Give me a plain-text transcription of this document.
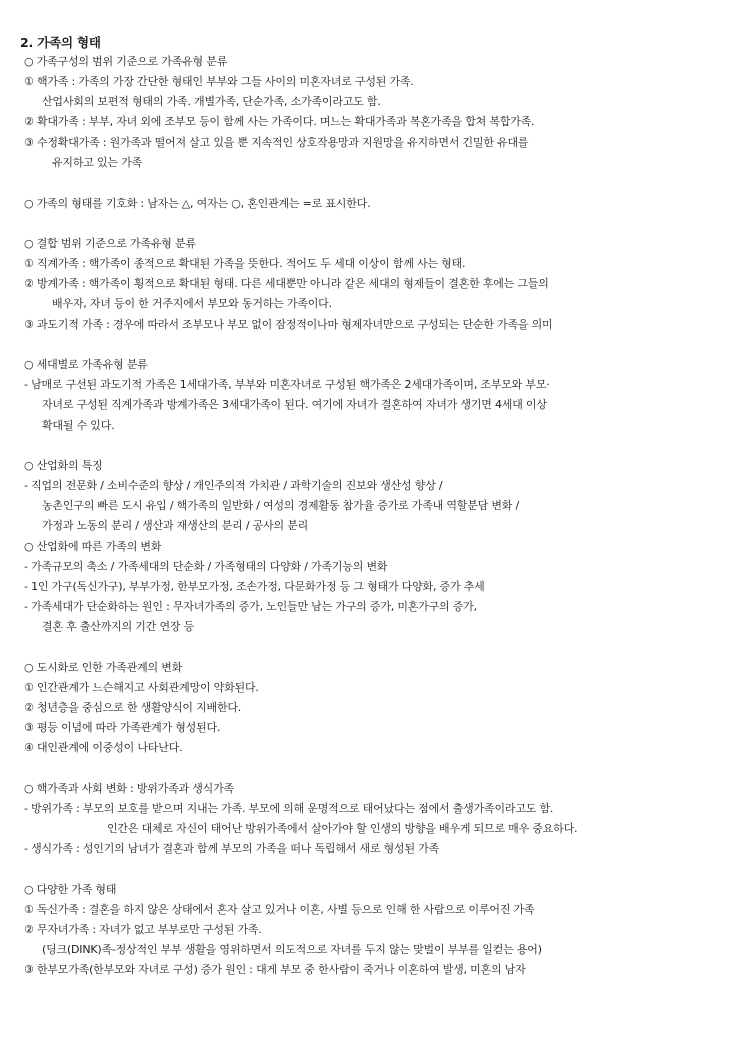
2. 가족의 형태
○ 가족구성의 범위 기준으로 가족유형 분류
① 핵가족 : 가족의 가장 간단한 형태인 부부와 그들 사이의 미혼자녀로 구성된 가족.
산업사회의 보편적 형태의 가족. 개별가족, 단순가족, 소가족이라고도 함.
② 확대가족 : 부부, 자녀 외에 조부모 등이 함께 사는 가족이다. 며느는 확대가족과 복혼가족을 합쳐 복합가족.
③ 수정확대가족 : 원가족과 떨어져 살고 있을 뿐 지속적인 상호작용망과 지원망을 유지하면서 긴밀한 유대를
유지하고 있는 가족
○ 가족의 형태를 기호화 : 남자는 △, 여자는 ○, 혼인관계는 =로 표시한다.
○ 결합 범위 기준으로 가족유형 분류
① 직계가족 : 핵가족이 종적으로 확대된 가족을 뜻한다. 적어도 두 세대 이상이 함께 사는 형태.
② 방계가족 : 핵가족이 횡적으로 확대된 형태. 다른 세대뿐만 아니라 같은 세대의 형제들이 결혼한 후에는 그들의
배우자, 자녀 등이 한 거주지에서 부모와 동거하는 가족이다.
③ 과도기적 가족 : 경우에 따라서 조부모나 부모 없이 잠정적이나마 형제자녀만으로 구성되는 단순한 가족을 의미
○ 세대별로 가족유형 분류
- 남매로 구선된 과도기적 가족은 1세대가족, 부부와 미혼자녀로 구성된 핵가족은 2세대가족이며, 조부모와 부모·
자녀로 구성된 직계가족과 방계가족은 3세대가족이 된다. 여기에 자녀가 결혼하여 자녀가 생기면 4세대 이상
확대될 수 있다.
○ 산업화의 특징
- 직업의 전문화 / 소비수준의 향상 / 개인주의적 가치관 / 과학기술의 진보와 생산성 향상 /
농촌인구의 빠른 도시 유입 / 핵가족의 일반화 / 여성의 경제활동 참가율 증가로 가족내 역할분담 변화 /
가정과 노동의 분리 / 생산과 재생산의 분리 / 공사의 분리
○ 산업화에 따른 가족의 변화
- 가족규모의 축소 / 가족세대의 단순화 / 가족형태의 다양화 / 가족기능의 변화
- 1인 가구(독신가구), 부부가정, 한부모가정, 조손가정, 다문화가정 등 그 형태가 다양화, 증가 추세
- 가족세대가 단순화하는 원인 : 무자녀가족의 증가, 노인들만 남는 가구의 증가, 미혼가구의 증가,
결혼 후 출산까지의 기간 연장 등
○ 도시화로 인한 가족관계의 변화
① 인간관계가 느슨해지고 사회관계망이 약화된다.
② 청년층을 중심으로 한 생활양식이 지배한다.
③ 평등 이념에 따라 가족관계가 형성된다.
④ 대인관계에 이중성이 나타난다.
○ 핵가족과 사회 변화 : 방위가족과 생식가족
- 방위가족 : 부모의 보호를 받으며 지내는 가족. 부모에 의해 운명적으로 태어났다는 점에서 출생가족이라고도 함.
인간은 대체로 자신이 태어난 방위가족에서 살아가야 할 인생의 방향을 배우게 되므로 매우 중요하다.
- 생식가족 : 성인기의 남녀가 결혼과 함께 부모의 가족을 떠나 독립해서 새로 형성된 가족
○ 다양한 가족 형태
① 독신가족 : 결혼을 하지 않은 상태에서 혼자 살고 있거나 이혼, 사별 등으로 인해 한 사람으로 이루어진 가족
② 무자녀가족 : 자녀가 없고 부부로만 구성된 가족.
(딩크(DINK)족-정상적인 부부 생활을 영위하면서 의도적으로 자녀를 두지 않는 맞벌이 부부를 일컫는 용어)
③ 한부모가족(한부모와 자녀로 구성) 증가 원인 : 대게 부모 중 한사람이 죽거나 이혼하여 발생, 미혼의 남자
